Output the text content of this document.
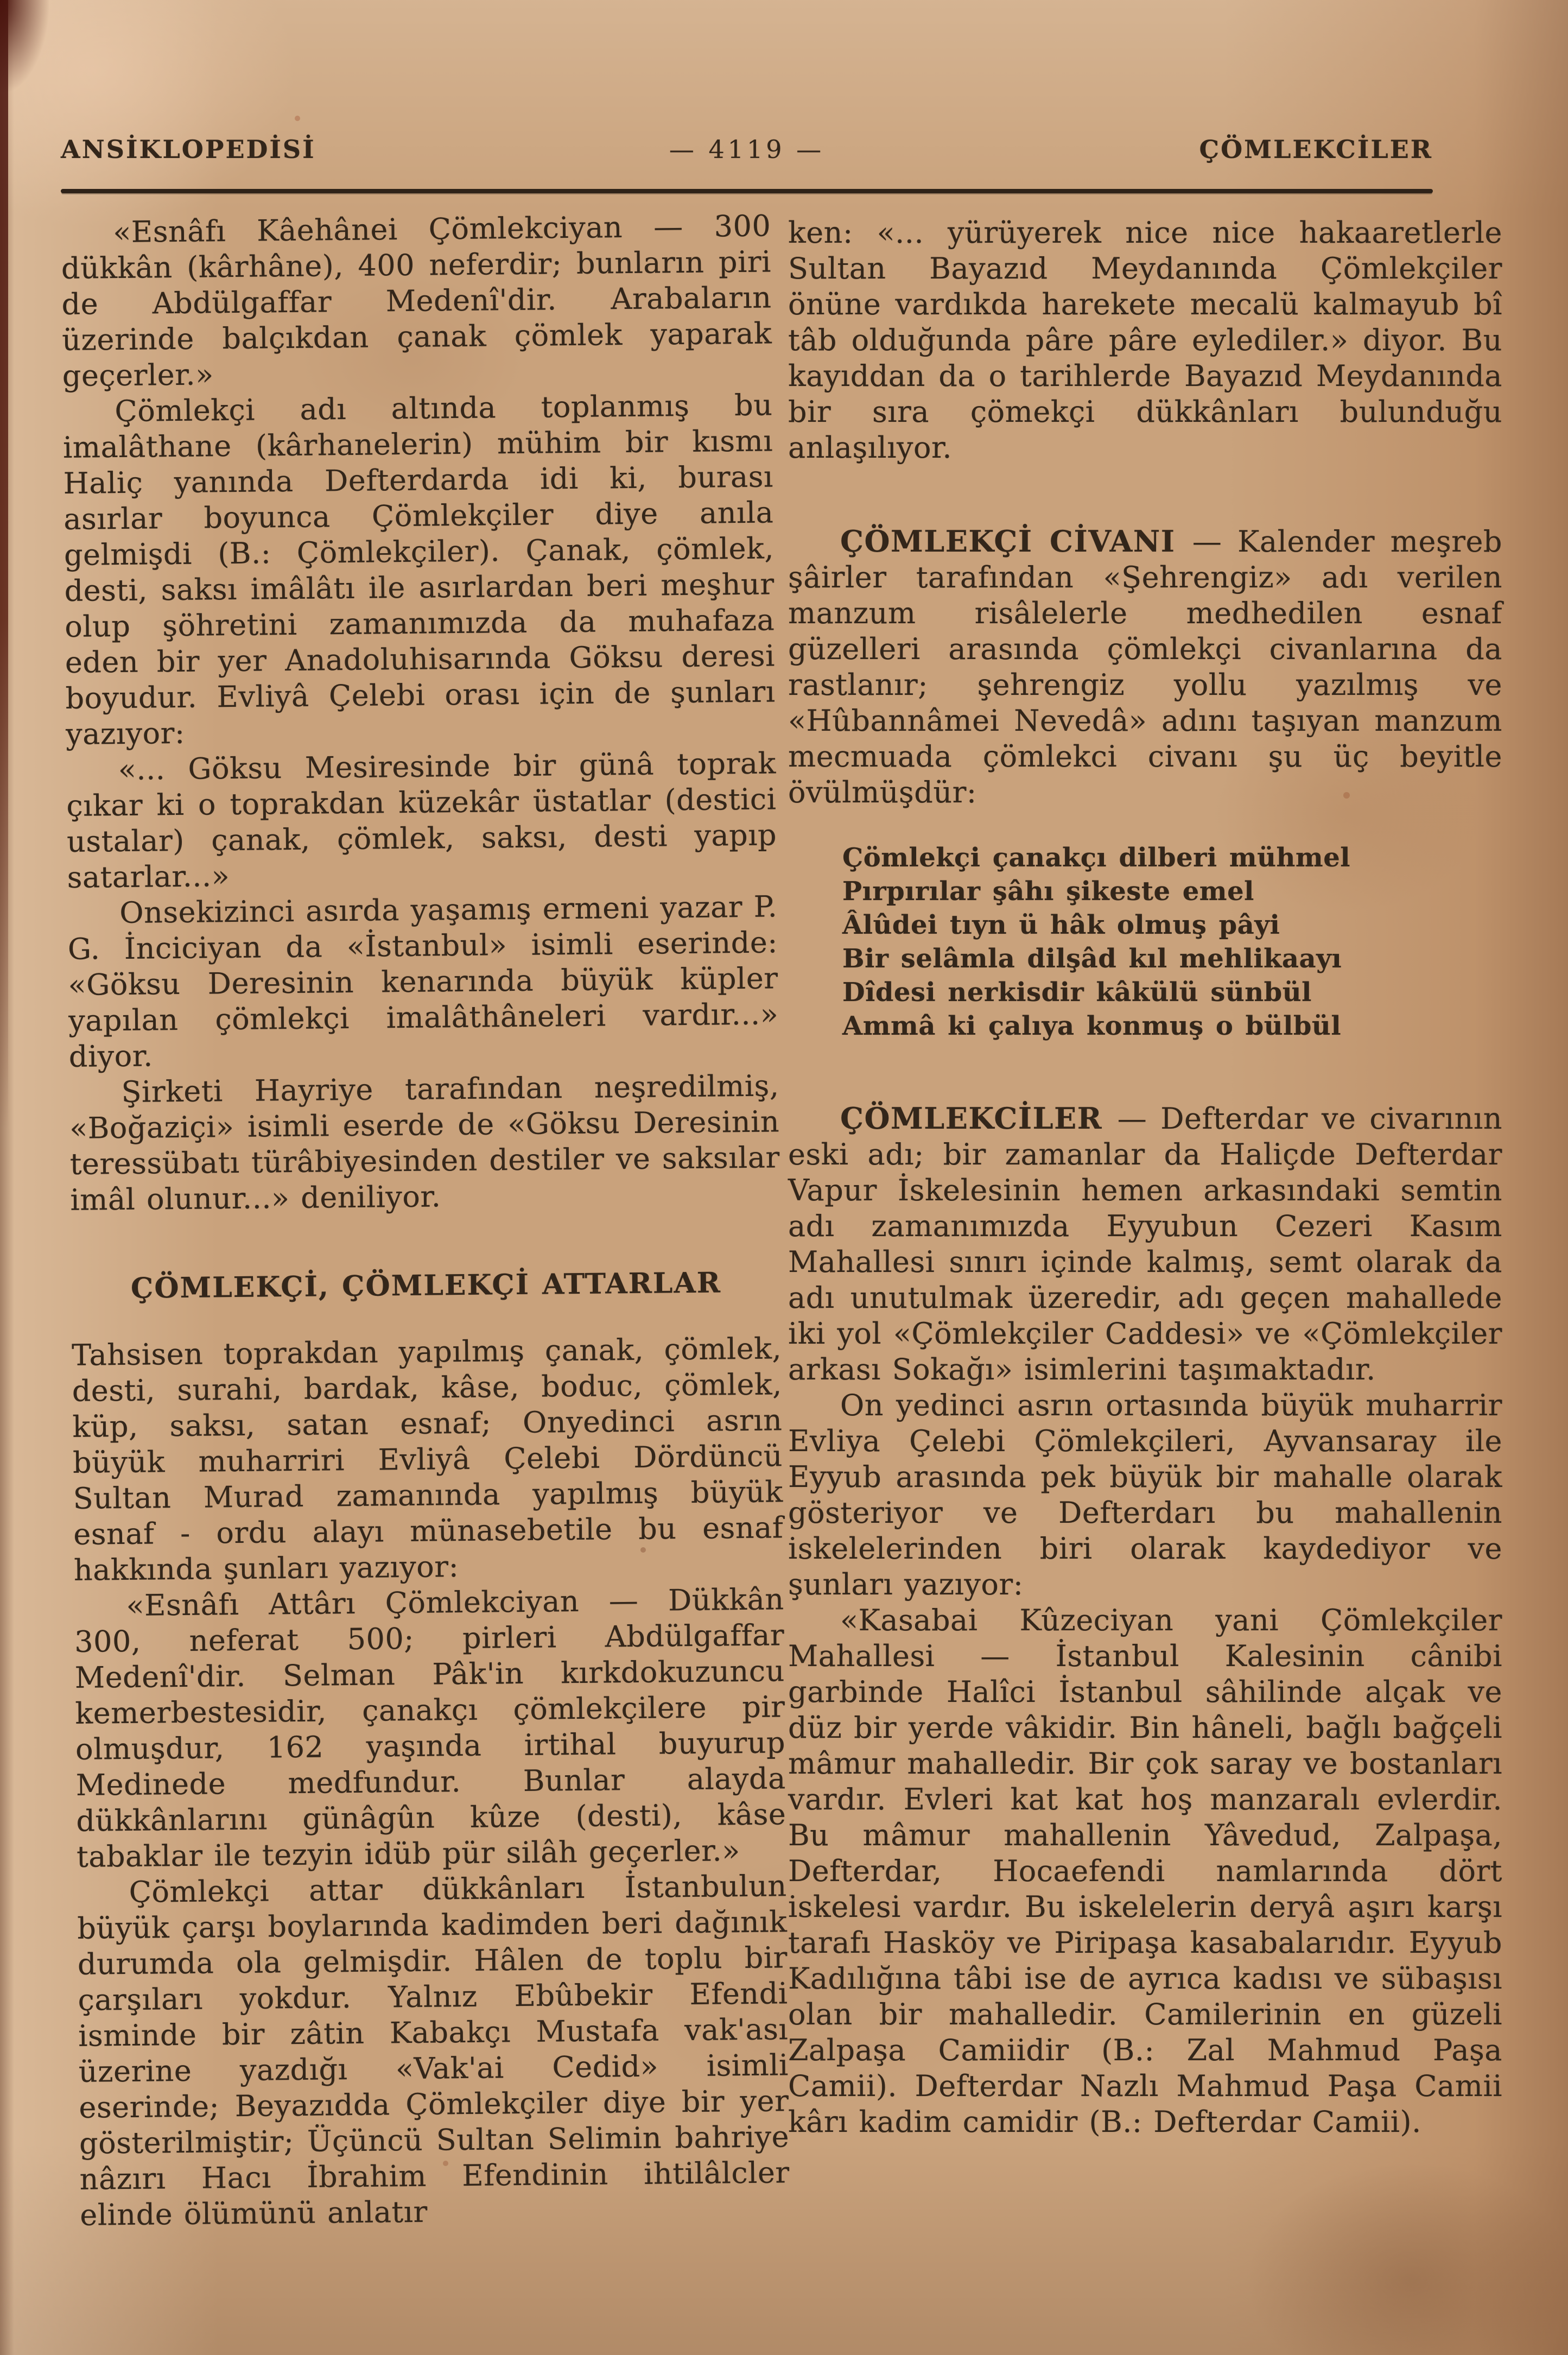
ANSİKLOPEDİSİ	— 4119 —	ÇÖMLEKCİLER

«Esnâfı Kâehânei Çömlekciyan — 300 dükkân (kârhâne), 400 neferdir; bunların piri de Abdülgaffar Medenî'dir. Arabaların üzerinde balçıkdan çanak çömlek yaparak geçerler.»

Çömlekçi adı altında toplanmış bu imalâthane (kârhanelerin) mühim bir kısmı Haliç yanında Defterdarda idi ki, burası asırlar boyunca Çömlekçiler diye anıla gelmişdi (B.: Çömlekçiler). Çanak, çömlek, desti, saksı imâlâtı ile asırlardan beri meşhur olup şöhretini zamanımızda da muhafaza eden bir yer Anadoluhisarında Göksu deresi boyudur. Evliyâ Çelebi orası için de şunları yazıyor:

«... Göksu Mesiresinde bir günâ toprak çıkar ki o toprakdan küzekâr üstatlar (destici ustalar) çanak, çömlek, saksı, desti yapıp satarlar...»

Onsekizinci asırda yaşamış ermeni yazar P. G. İnciciyan da «İstanbul» isimli eserinde: «Göksu Deresinin kenarında büyük küpler yapılan çömlekçi imalâthâneleri vardır...» diyor.

Şirketi Hayriye tarafından neşredilmiş, «Boğaziçi» isimli eserde de «Göksu Deresinin teressübatı türâbiyesinden destiler ve saksılar imâl olunur...» deniliyor.

ÇÖMLEKÇİ, ÇÖMLEKÇİ ATTARLAR

Tahsisen toprakdan yapılmış çanak, çömlek, desti, surahi, bardak, kâse, boduc, çömlek, küp, saksı, satan esnaf; Onyedinci asrın büyük muharriri Evliyâ Çelebi Dördüncü Sultan Murad zamanında yapılmış büyük esnaf - ordu alayı münasebetile bu esnaf hakkında şunları yazıyor:

«Esnâfı Attârı Çömlekciyan — Dükkân 300, neferat 500; pirleri Abdülgaffar Medenî'dir. Selman Pâk'in kırkdokuzuncu kemerbestesidir, çanakçı çömlekçilere pir olmuşdur, 162 yaşında irtihal buyurup Medinede medfundur. Bunlar alayda dükkânlarını günâgûn kûze (desti), kâse tabaklar ile tezyin idüb pür silâh geçerler.»

Çömlekçi attar dükkânları İstanbulun büyük çarşı boylarında kadimden beri dağınık durumda ola gelmişdir. Hâlen de toplu bir çarşıları yokdur. Yalnız Ebûbekir Efendi isminde bir zâtin Kabakçı Mustafa vak'ası üzerine yazdığı «Vak'ai Cedid» isimli eserinde; Beyazıdda Çömlekçiler diye bir yer gösterilmiştir; Üçüncü Sultan Selimin bahriye nâzırı Hacı İbrahim Efendinin ihtilâlcler elinde ölümünü anlatır

ken: «... yürüyerek nice nice hakaaretlerle Sultan Bayazıd Meydanında Çömlekçiler önüne vardıkda harekete mecalü kalmayub bî tâb olduğunda pâre pâre eylediler.» diyor. Bu kayıddan da o tarihlerde Bayazıd Meydanında bir sıra çömekçi dükkânları bulunduğu anlaşılıyor.

ÇÖMLEKÇİ CİVANI — Kalender meşreb şâirler tarafından «Şehrengiz» adı verilen manzum risâlelerle medhedilen esnaf güzelleri arasında çömlekçi civanlarına da rastlanır; şehrengiz yollu yazılmış ve «Hûbannâmei Nevedâ» adını taşıyan manzum mecmuada çömlekci civanı şu üç beyitle övülmüşdür:

Çömlekçi çanakçı dilberi mühmel
Pırpırılar şâhı şikeste emel
Âlûdei tıyn ü hâk olmuş pâyi
Bir selâmla dilşâd kıl mehlikaayı
Dîdesi nerkisdir kâkülü sünbül
Ammâ ki çalıya konmuş o bülbül

ÇÖMLEKCİLER — Defterdar ve civarının eski adı; bir zamanlar da Haliçde Defterdar Vapur İskelesinin hemen arkasındaki semtin adı zamanımızda Eyyubun Cezeri Kasım Mahallesi sınırı içinde kalmış, semt olarak da adı unutulmak üzeredir, adı geçen mahallede iki yol «Çömlekçiler Caddesi» ve «Çömlekçiler arkası Sokağı» isimlerini taşımaktadır.

On yedinci asrın ortasında büyük muharrir Evliya Çelebi Çömlekçileri, Ayvansaray ile Eyyub arasında pek büyük bir mahalle olarak gösteriyor ve Defterdarı bu mahallenin iskelelerinden biri olarak kaydediyor ve şunları yazıyor:

«Kasabai Kûzeciyan yani Çömlekçiler Mahallesi — İstanbul Kalesinin cânibi garbinde Halîci İstanbul sâhilinde alçak ve düz bir yerde vâkidir. Bin hâneli, bağlı bağçeli mâmur mahalledir. Bir çok saray ve bostanları vardır. Evleri kat kat hoş manzaralı evlerdir. Bu mâmur mahallenin Yâvedud, Zalpaşa, Defterdar, Hocaefendi namlarında dört iskelesi vardır. Bu iskelelerin deryâ aşırı karşı tarafı Hasköy ve Piripaşa kasabalarıdır. Eyyub Kadılığına tâbi ise de ayrıca kadısı ve sübaşısı olan bir mahalledir. Camilerinin en güzeli Zalpaşa Camiidir (B.: Zal Mahmud Paşa Camii). Defterdar Nazlı Mahmud Paşa Camii kârı kadim camidir (B.: Defterdar Camii).
